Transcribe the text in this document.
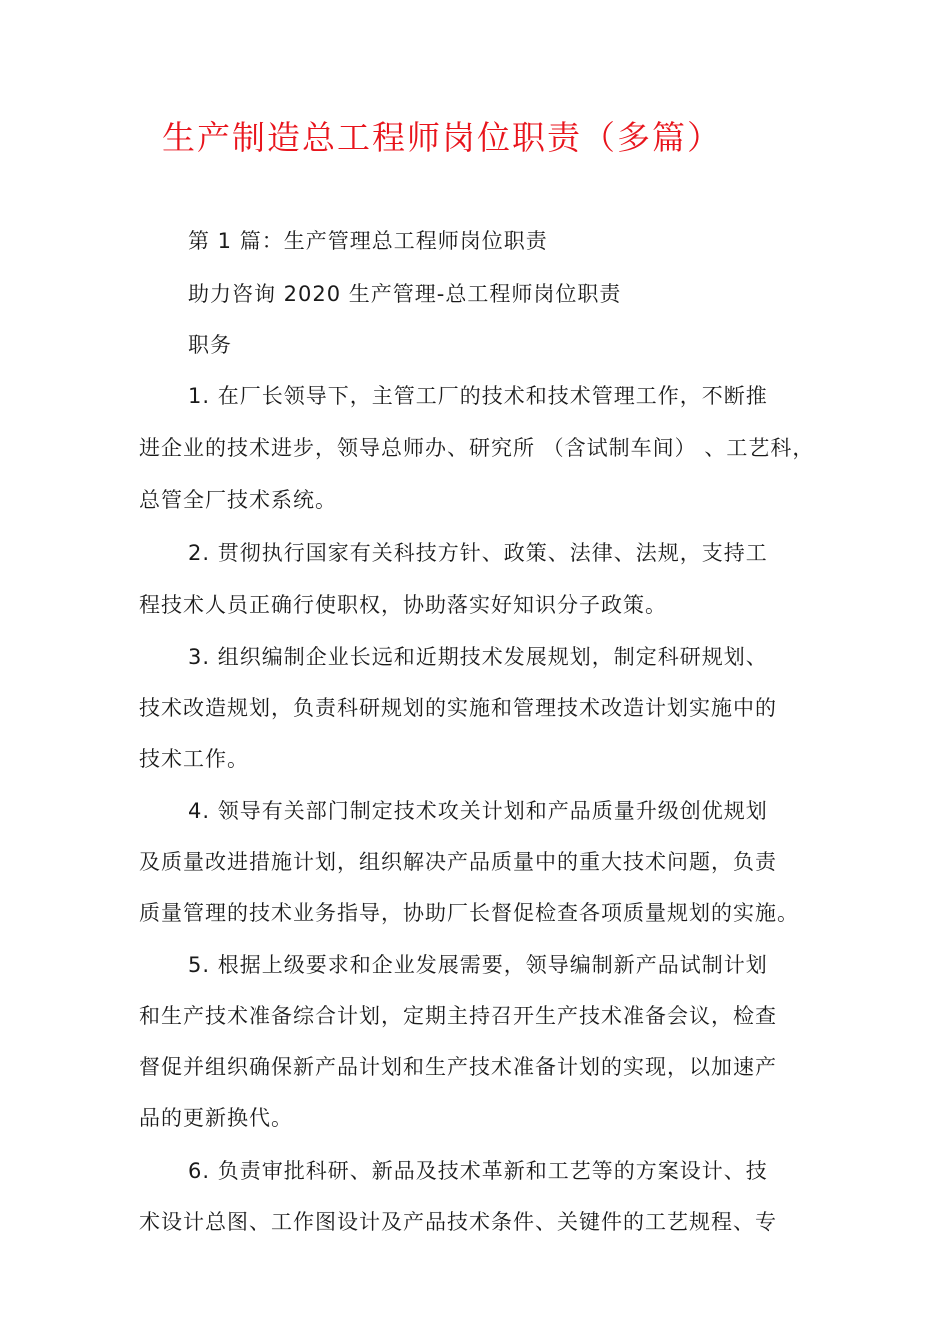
生产制造总工程师岗位职责（多篇）
第 1 篇：生产管理总工程师岗位职责
助力咨询 2020 生产管理-总工程师岗位职责
职务
1. 在厂长领导下，主管工厂的技术和技术管理工作，不断推
进企业的技术进步，领导总师办、研究所 （含试制车间） 、工艺科，
总管全厂技术系统。
2. 贯彻执行国家有关科技方针、政策、法律、法规，支持工
程技术人员正确行使职权，协助落实好知识分子政策。
3. 组织编制企业长远和近期技术发展规划，制定科研规划、
技术改造规划，负责科研规划的实施和管理技术改造计划实施中的
技术工作。
4. 领导有关部门制定技术攻关计划和产品质量升级创优规划
及质量改进措施计划，组织解决产品质量中的重大技术问题，负责
质量管理的技术业务指导，协助厂长督促检查各项质量规划的实施。
5. 根据上级要求和企业发展需要，领导编制新产品试制计划
和生产技术准备综合计划，定期主持召开生产技术准备会议，检查
督促并组织确保新产品计划和生产技术准备计划的实现，以加速产
品的更新换代。
6. 负责审批科研、新品及技术革新和工艺等的方案设计、技
术设计总图、工作图设计及产品技术条件、关键件的工艺规程、专
